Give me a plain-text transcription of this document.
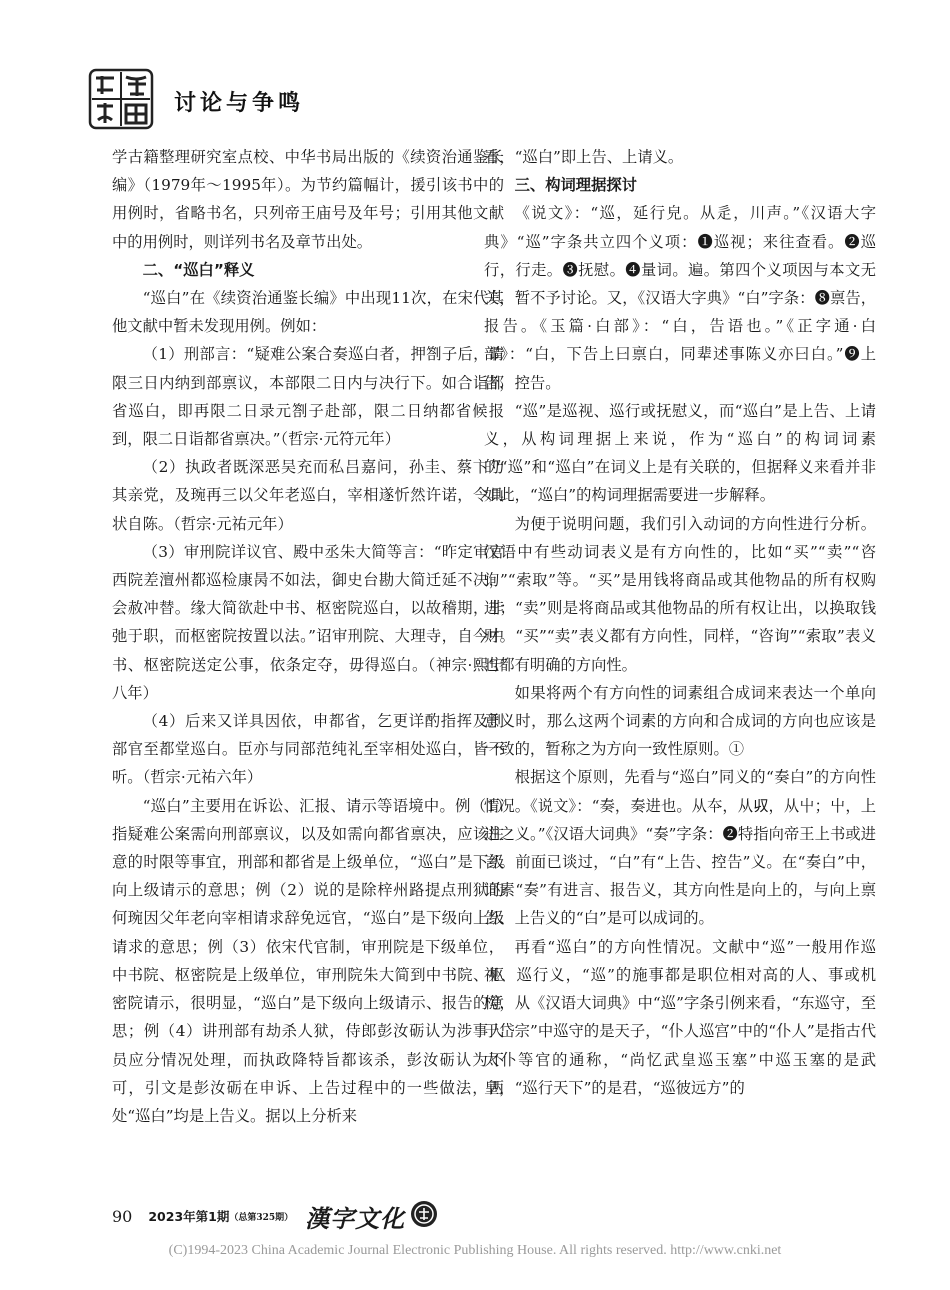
讨论与争鸣

学古籍整理研究室点校、中华书局出版的《续资治通鉴长编》（1979年～1995年）。为节约篇幅计，援引该书中的用例时，省略书名，只列帝王庙号及年号；引用其他文献中的用例时，则详列书名及章节出处。

二、“巡白”释义

“巡白”在《续资治通鉴长编》中出现11次，在宋代其他文献中暂未发现用例。例如：

（1）刑部言：“疑难公案合奏巡白者，押劄子后，请限三日内纳到部禀议，本部限二日内与决行下。如合诣都省巡白，即再限二日录元劄子赴部，限二日纳都省候报到，限二日诣都省禀决。”（哲宗·元符元年）

（2）执政者既深恶吴充而私吕嘉问，孙圭、蔡卞乃其亲党，及琬再三以父年老巡白，宰相遂忻然许诺，令具状自陈。（哲宗·元祐元年）

（3）审刑院详议官、殿中丞朱大简等言：“昨定审官西院差澶州都巡检康昺不如法，御史台勘大简迁延不决，会赦冲替。缘大简欲赴中书、枢密院巡白，以故稽期，非弛于职，而枢密院按置以法。”诏审刑院、大理寺，自今中书、枢密院送定公事，依条定夺，毋得巡白。（神宗·熙宁八年）

（4）后来又详具因依，申都省，乞更详酌指挥及刑部官至都堂巡白。臣亦与同部范纯礼至宰相处巡白，皆不听。（哲宗·元祐六年）

“巡白”主要用在诉讼、汇报、请示等语境中。例（1）指疑难公案需向刑部禀议，以及如需向都省禀决，应该注意的时限等事宜，刑部和都省是上级单位，“巡白”是下级向上级请示的意思；例（2）说的是除梓州路提点刑狱的何琬因父年老向宰相请求辞免远官，“巡白”是下级向上级请求的意思；例（3）依宋代官制，审刑院是下级单位，中书院、枢密院是上级单位，审刑院朱大简到中书院、枢密院请示，很明显，“巡白”是下级向上级请示、报告的意思；例（4）讲刑部有劫杀人狱，侍郎彭汝砺认为涉事人员应分情况处理，而执政降特旨都该杀，彭汝砺认为不可，引文是彭汝砺在申诉、上告过程中的一些做法，两处“巡白”均是上告义。据以上分析来

看，“巡白”即上告、上请义。

三、构词理据探讨

《说文》：“巡，延行皃。从辵，川声。”《汉语大字典》“巡”字条共立四个义项：❶巡视；来往查看。❷巡行，行走。❸抚慰。❹量词。遍。第四个义项因与本文无关，暂不予讨论。又，《汉语大字典》“白”字条：❽禀告，报告。《玉篇·白部》：“白，告语也。”《正字通·白部》：“白，下告上曰禀白，同辈述事陈义亦曰白。”❾上告，控告。

“巡”是巡视、巡行或抚慰义，而“巡白”是上告、上请义，从构词理据上来说，作为“巡白”的构词词素的“巡”和“巡白”在词义上是有关联的，但据释义来看并非如此，“巡白”的构词理据需要进一步解释。

为便于说明问题，我们引入动词的方向性进行分析。汉语中有些动词表义是有方向性的，比如“买”“卖”“咨询”“索取”等。“买”是用钱将商品或其他物品的所有权购进；“卖”则是将商品或其他物品的所有权让出，以换取钱财。“买”“卖”表义都有方向性，同样，“咨询”“索取”表义也都有明确的方向性。

如果将两个有方向性的词素组合成词来表达一个单向意义时，那么这两个词素的方向和合成词的方向也应该是一致的，暂称之为方向一致性原则。①

根据这个原则，先看与“巡白”同义的“奏白”的方向性情况。《说文》：“奏，奏进也。从夲，从𠬞，从屮；屮，上进之义。”《汉语大词典》“奏”字条：❷特指向帝王上书或进言。前面已谈过，“白”有“上告、控告”义。在“奏白”中，词素“奏”有进言、报告义，其方向性是向上的，与向上禀告、上告义的“白”是可以成词的。

再看“巡白”的方向性情况。文献中“巡”一般用作巡视、巡行义，“巡”的施事都是职位相对高的人、事或机构，从《汉语大词典》中“巡”字条引例来看，“东巡守，至于岱宗”中巡守的是天子，“仆人巡宫”中的“仆人”是指古代太仆等官的通称，“尚忆武皇巡玉塞”中巡玉塞的是武皇，“巡行天下”的是君，“巡彼远方”的

90 2023年第1期 （总第325期） 漢字文化
(C)1994-2023 China Academic Journal Electronic Publishing House. All rights reserved. http://www.cnki.net
